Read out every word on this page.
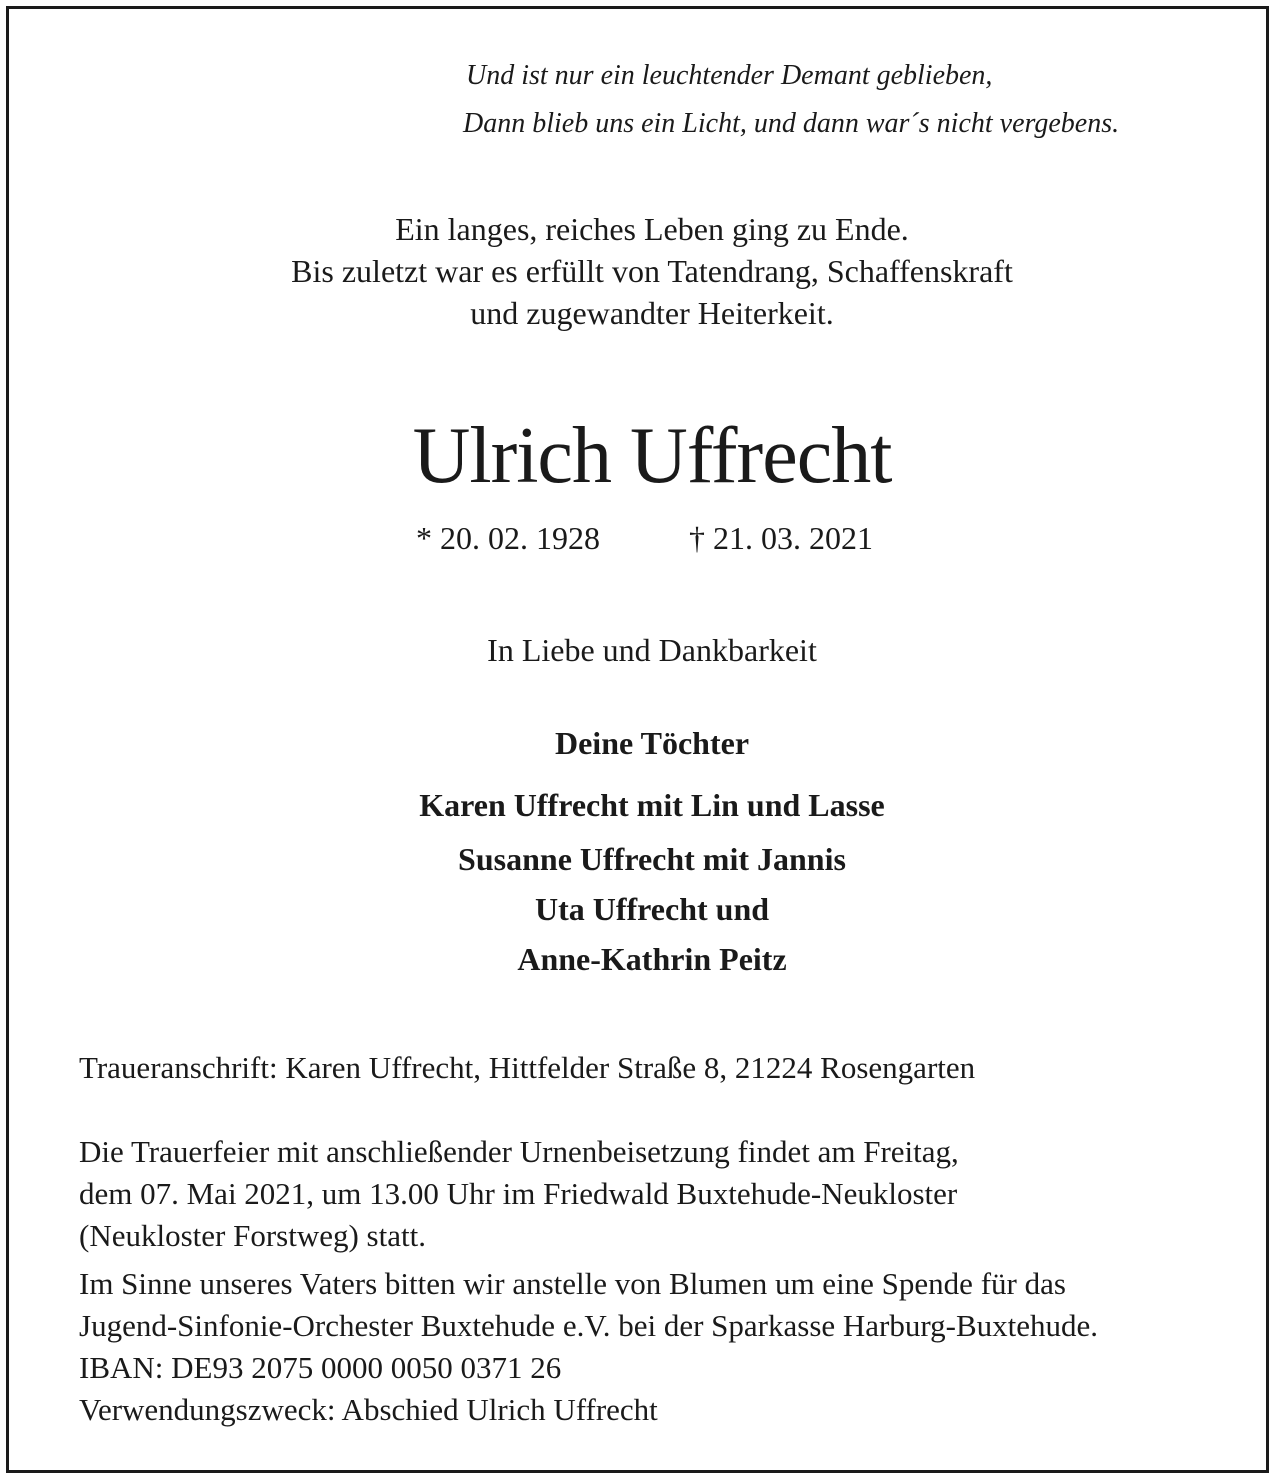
Und ist nur ein leuchtender Demant geblieben,
Dann blieb uns ein Licht, und dann war´s nicht vergebens.
Ein langes, reiches Leben ging zu Ende.
Bis zuletzt war es erfüllt von Tatendrang, Schaffenskraft
und zugewandter Heiterkeit.
Ulrich Uffrecht
* 20. 02. 1928	† 21. 03. 2021
In Liebe und Dankbarkeit
Deine Töchter
Karen Uffrecht mit Lin und Lasse
Susanne Uffrecht mit Jannis
Uta Uffrecht und
Anne-Kathrin Peitz
Traueranschrift: Karen Uffrecht, Hittfelder Straße 8, 21224 Rosengarten
Die Trauerfeier mit anschließender Urnenbeisetzung findet am Freitag,
dem 07. Mai 2021, um 13.00 Uhr im Friedwald Buxtehude-Neukloster
(Neukloster Forstweg) statt.
Im Sinne unseres Vaters bitten wir anstelle von Blumen um eine Spende für das
Jugend-Sinfonie-Orchester Buxtehude e.V. bei der Sparkasse Harburg-Buxtehude.
IBAN: DE93 2075 0000 0050 0371 26
Verwendungszweck: Abschied Ulrich Uffrecht
